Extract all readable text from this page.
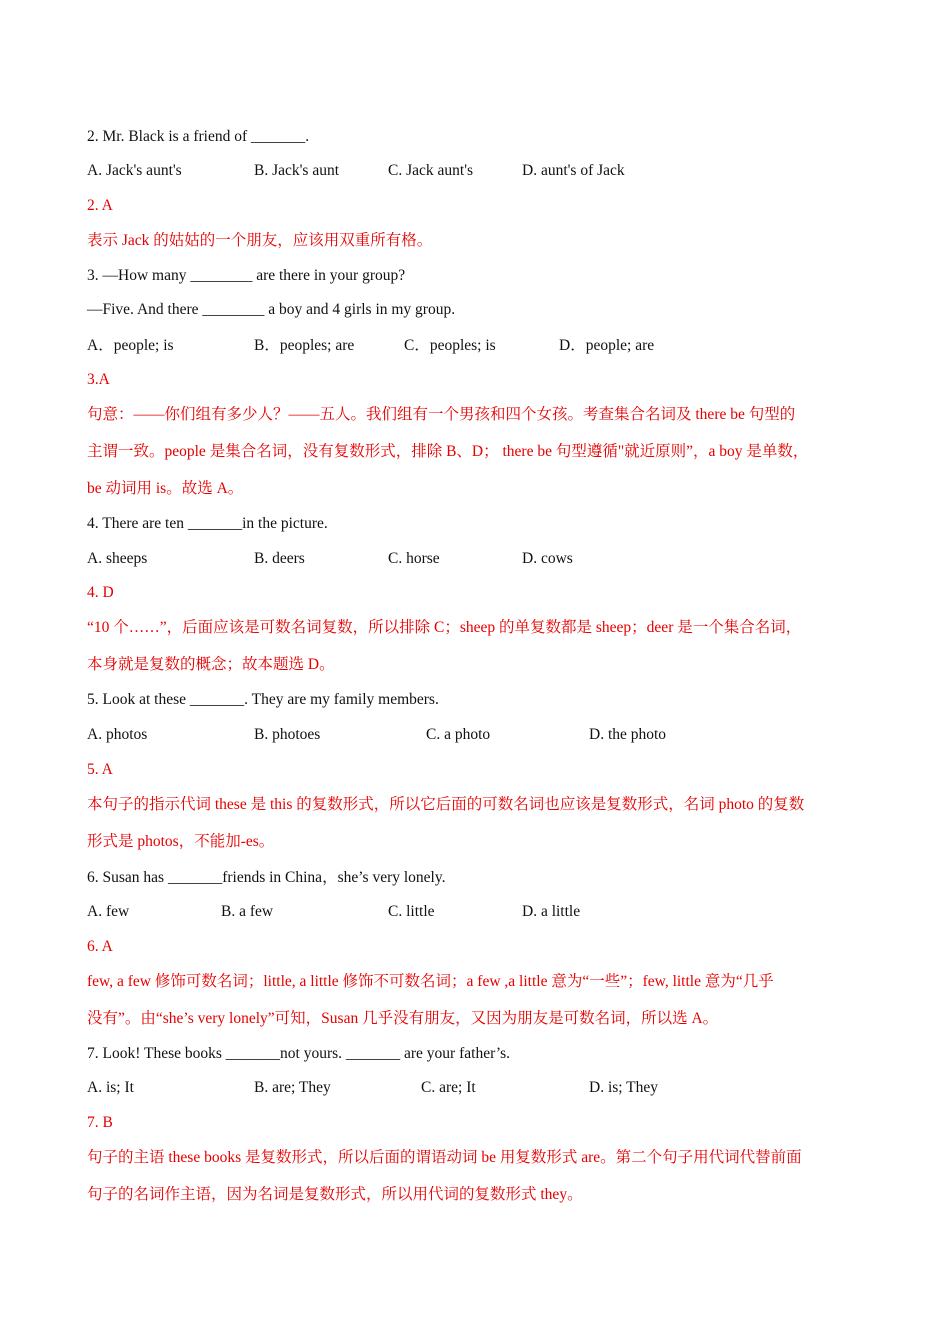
2. Mr. Black is a friend of _______.
A. Jack's aunt's	B. Jack's aunt	C. Jack aunt's	D. aunt's of Jack
2. A
表示 Jack 的姑姑的一个朋友，应该用双重所有格。
3. —How many ________ are there in your group?
—Five. And there ________ a boy and 4 girls in my group.
A．people; is	B．peoples; are	C．peoples; is	D．people; are
3.A
句意：——你们组有多少人？——五人。我们组有一个男孩和四个女孩。考查集合名词及 there be 句型的
主谓一致。people 是集合名词，没有复数形式，排除 B、D； there be 句型遵循"就近原则”，a boy 是单数，
be 动词用 is。故选 A。
4. There are ten _______in the picture.
A. sheeps	B. deers	C. horse	D. cows
4. D
“10 个……”，后面应该是可数名词复数，所以排除 C；sheep 的单复数都是 sheep；deer 是一个集合名词，
本身就是复数的概念；故本题选 D。
5. Look at these _______. They are my family members.
A. photos	B. photoes	C. a photo	D. the photo
5. A
本句子的指示代词 these 是 this 的复数形式，所以它后面的可数名词也应该是复数形式，名词 photo 的复数
形式是 photos，不能加-es。
6. Susan has _______friends in China，she’s very lonely.
A. few	B. a few	C. little	D. a little
6. A
few, a few 修饰可数名词；little, a little 修饰不可数名词；a few ,a little 意为“一些”；few, little 意为“几乎
没有”。由“she’s very lonely”可知，Susan 几乎没有朋友，又因为朋友是可数名词，所以选 A。
7. Look! These books _______not yours. _______ are your father’s.
A. is; It	B. are; They	C. are; It	D. is; They
7. B
句子的主语 these books 是复数形式，所以后面的谓语动词 be 用复数形式 are。第二个句子用代词代替前面
句子的名词作主语，因为名词是复数形式，所以用代词的复数形式 they。
